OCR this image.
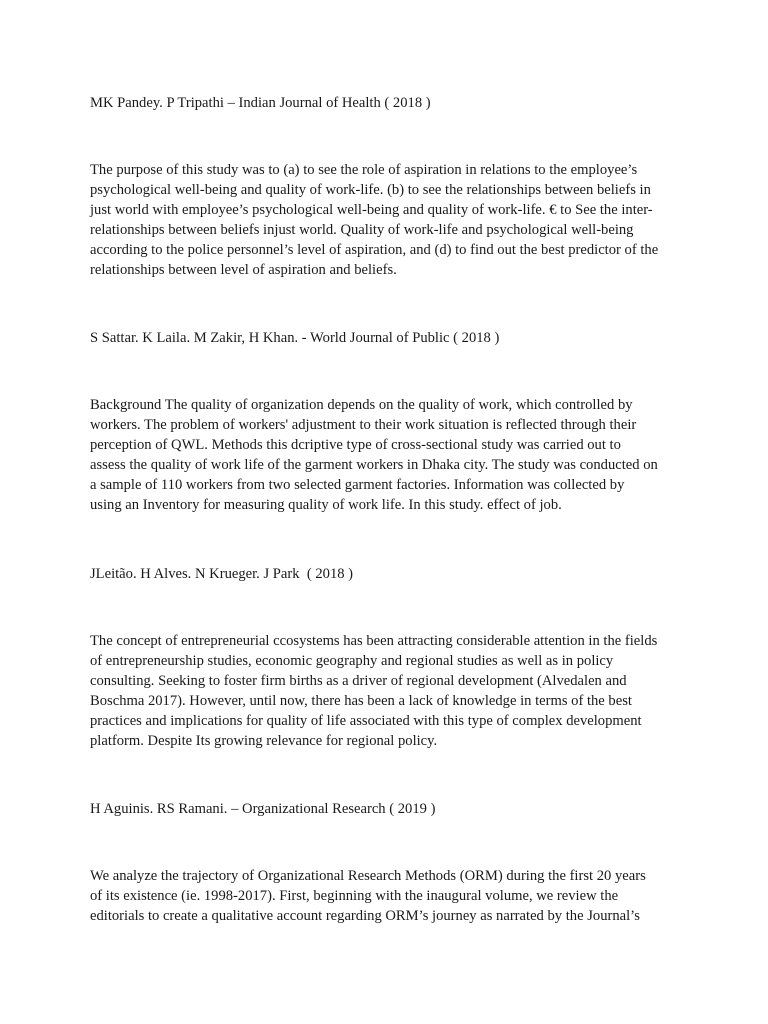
MK Pandey. P Tripathi – Indian Journal of Health ( 2018 )

The purpose of this study was to (a) to see the role of aspiration in relations to the employee’s

psychological well-being and quality of work-life. (b) to see the relationships between beliefs in

just world with employee’s psychological well-being and quality of work-life. € to See the inter-

relationships between beliefs injust world. Quality of work-life and psychological well-being

according to the police personnel’s level of aspiration, and (d) to find out the best predictor of the

relationships between level of aspiration and beliefs.

S Sattar. K Laila. M Zakir, H Khan. - World Journal of Public ( 2018 )

Background The quality of organization depends on the quality of work, which controlled by

workers. The problem of workers' adjustment to their work situation is reflected through their

perception of QWL. Methods this dcriptive type of cross-sectional study was carried out to

assess the quality of work life of the garment workers in Dhaka city. The study was conducted on

a sample of 110 workers from two selected garment factories. Information was collected by

using an Inventory for measuring quality of work life. In this study. effect of job.

JLeitão. H Alves. N Krueger. J Park  ( 2018 )

The concept of entrepreneurial ccosystems has been attracting considerable attention in the fields

of entrepreneurship studies, economic geography and regional studies as well as in policy

consulting. Seeking to foster firm births as a driver of regional development (Alvedalen and

Boschma 2017). However, until now, there has been a lack of knowledge in terms of the best

practices and implications for quality of life associated with this type of complex development

platform. Despite Its growing relevance for regional policy.

H Aguinis. RS Ramani. – Organizational Research ( 2019 )

We analyze the trajectory of Organizational Research Methods (ORM) during the first 20 years

of its existence (ie. 1998-2017). First, beginning with the inaugural volume, we review the

editorials to create a qualitative account regarding ORM’s journey as narrated by the Journal’s
